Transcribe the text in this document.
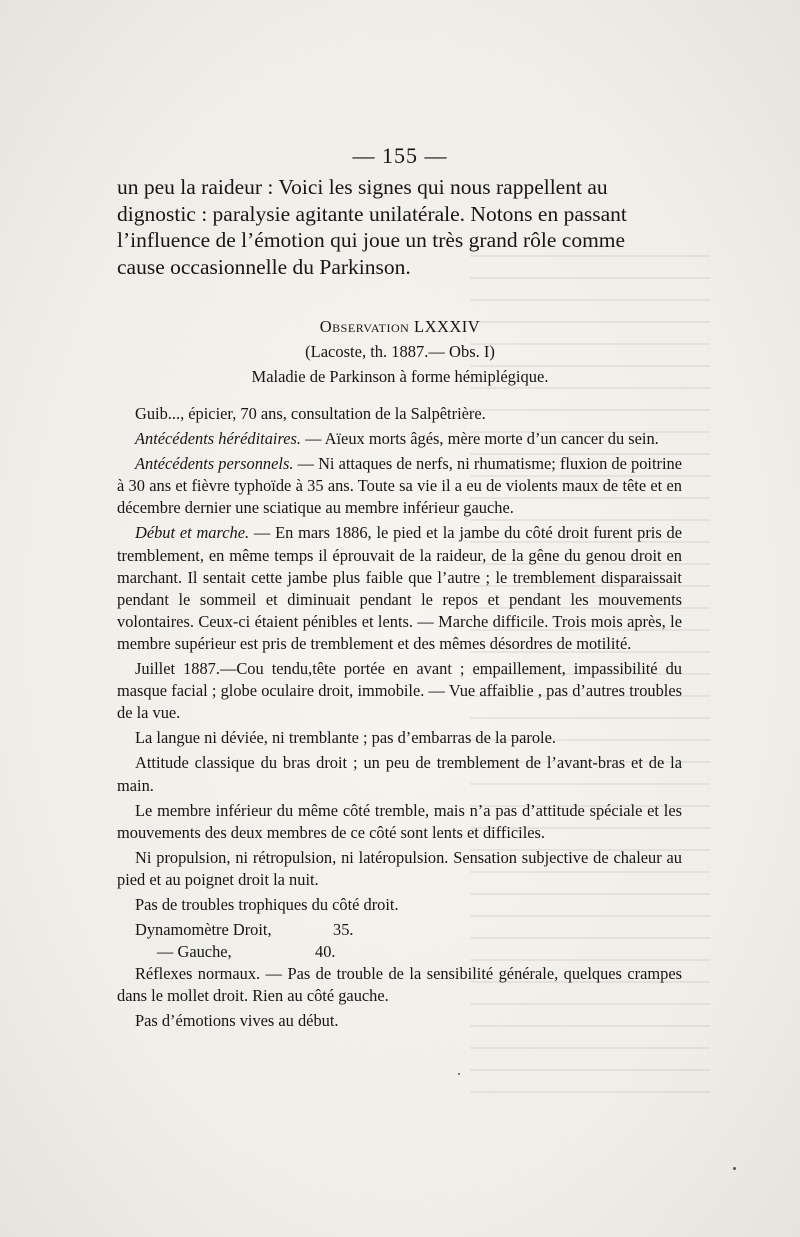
— 155 —

un peu la raideur : Voici les signes qui nous rappellent au

dignostic : paralysie agitante unilatérale. Notons en passant

l’influence de l’émotion qui joue un très grand rôle comme

cause occasionnelle du Parkinson.

Observation LXXXIV
(Lacoste, th. 1887.— Obs. I)
Maladie de Parkinson à forme hémiplégique.

Guib..., épicier, 70 ans, consultation de la Salpêtrière.

Antécédents héréditaires. — Aïeux morts âgés, mère morte d’un cancer du sein.

Antécédents personnels. — Ni attaques de nerfs, ni rhumatisme; fluxion de poitrine à 30 ans et fièvre typhoïde à 35 ans. Toute sa vie il a eu de violents maux de tête et en décembre dernier une sciatique au membre inférieur gauche.

Début et marche. — En mars 1886, le pied et la jambe du côté droit furent pris de tremblement, en même temps il éprouvait de la raideur, de la gêne du genou droit en marchant. Il sentait cette jambe plus faible que l’autre ; le tremblement disparaissait pendant le sommeil et diminuait pendant le repos et pendant les mouvements volontaires. Ceux-ci étaient pénibles et lents. — Marche difficile. Trois mois après, le membre supérieur est pris de tremblement et des mêmes désordres de motilité.

Juillet 1887.—Cou tendu,tête portée en avant ; empaillement, impassibilité du masque facial ; globe oculaire droit, immobile. — Vue affaiblie , pas d’autres troubles de la vue.

La langue ni déviée, ni tremblante ; pas d’embarras de la parole.

Attitude classique du bras droit ; un peu de tremblement de l’avant-bras et de la main.

Le membre inférieur du même côté tremble, mais n’a pas d’attitude spéciale et les mouvements des deux membres de ce côté sont lents et difficiles.

Ni propulsion, ni rétropulsion, ni latéropulsion. Sensation subjective de chaleur au pied et au poignet droit la nuit.

Pas de troubles trophiques du côté droit.

Dynamomètre Droit,	35.
— Gauche,	40.

Réflexes normaux. — Pas de trouble de la sensibilité générale, quelques crampes dans le mollet droit. Rien au côté gauche.

Pas d’émotions vives au début.
